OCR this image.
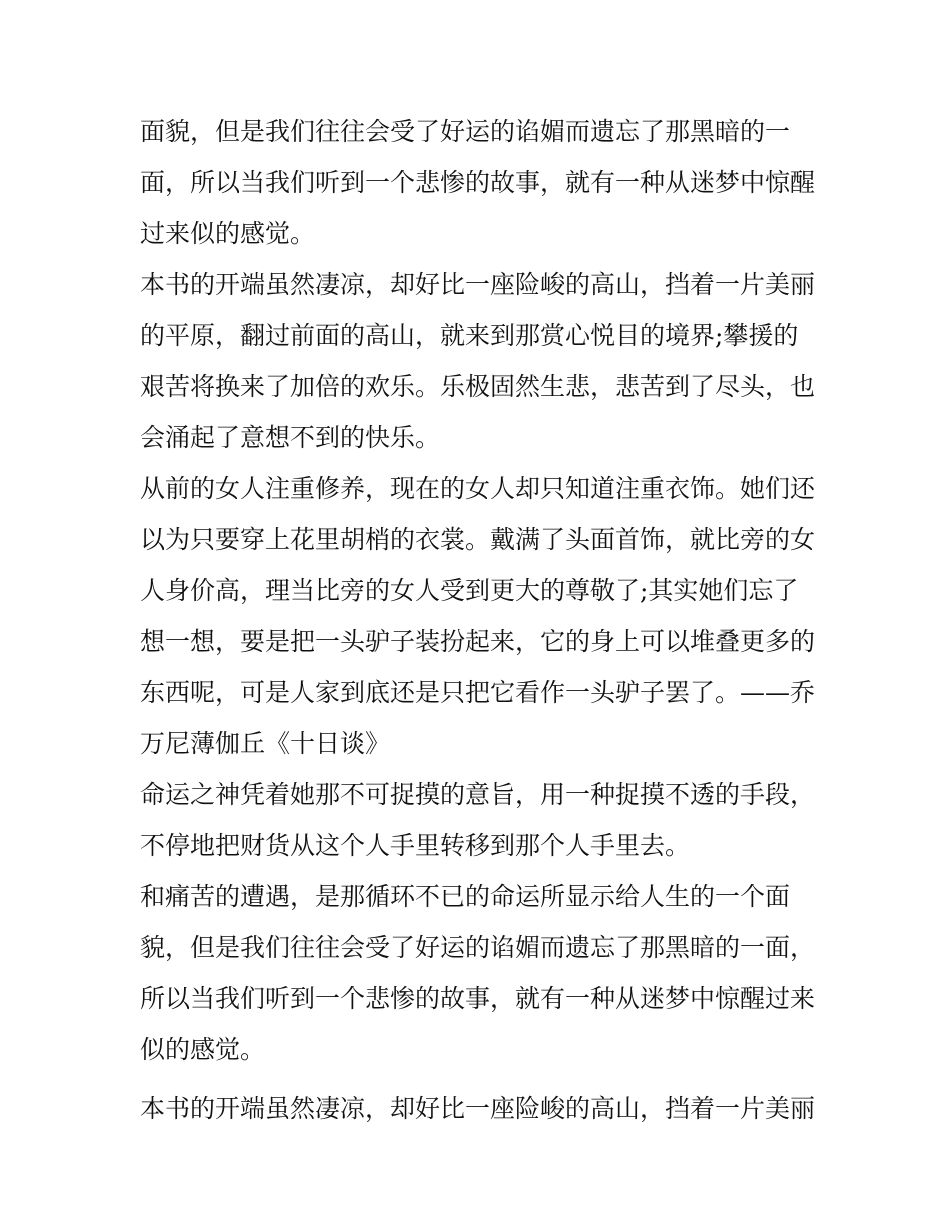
面貌，但是我们往往会受了好运的谄媚而遗忘了那黑暗的一
面，所以当我们听到一个悲惨的故事，就有一种从迷梦中惊醒
过来似的感觉。
本书的开端虽然凄凉，却好比一座险峻的高山，挡着一片美丽
的平原，翻过前面的高山，就来到那赏心悦目的境界;攀援的
艰苦将换来了加倍的欢乐。乐极固然生悲，悲苦到了尽头，也
会涌起了意想不到的快乐。
从前的女人注重修养，现在的女人却只知道注重衣饰。她们还
以为只要穿上花里胡梢的衣裳。戴满了头面首饰，就比旁的女
人身价高，理当比旁的女人受到更大的尊敬了;其实她们忘了
想一想，要是把一头驴子装扮起来，它的身上可以堆叠更多的
东西呢，可是人家到底还是只把它看作一头驴子罢了。——乔
万尼薄伽丘《十日谈》
命运之神凭着她那不可捉摸的意旨，用一种捉摸不透的手段，
不停地把财货从这个人手里转移到那个人手里去。
和痛苦的遭遇，是那循环不已的命运所显示给人生的一个面
貌，但是我们往往会受了好运的谄媚而遗忘了那黑暗的一面，
所以当我们听到一个悲惨的故事，就有一种从迷梦中惊醒过来
似的感觉。
本书的开端虽然凄凉，却好比一座险峻的高山，挡着一片美丽
